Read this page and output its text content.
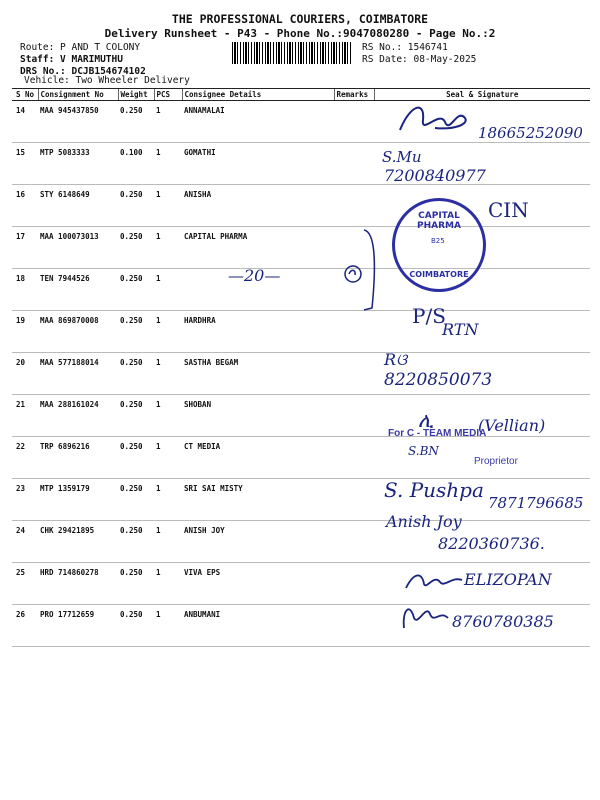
THE PROFESSIONAL COURIERS, COIMBATORE
Delivery Runsheet - P43 - Phone No.:9047080280 - Page No.:2
Route: P AND T COLONY
Staff: V MARIMUTHU
DRS No.: DCJB154674102
Vehicle: Two Wheeler Delivery
RS No.: 1546741
RS Date: 08-May-2025
S No	Consignment No	Weight	PCS	Consignee Details	Remarks	Seal & Signature
14	MAA 945437850	0.250	1	ANNAMALAI		
15	MTP 5083333	0.100	1	GOMATHI		
16	STY 6148649	0.250	1	ANISHA		
17	MAA 100073013	0.250	1	CAPITAL PHARMA		
18	TEN 7944526	0.250	1			
19	MAA 869870008	0.250	1	HARDHRA		
20	MAA 577188014	0.250	1	SASTHA BEGAM		
21	MAA 288161024	0.250	1	SHOBAN		
22	TRP 6896216	0.250	1	CT MEDIA		
23	MTP 1359179	0.250	1	SRI SAI MISTY		
24	CHK 29421895	0.250	1	ANISH JOY		
25	HRD 714860278	0.250	1	VIVA EPS		
26	PRO 17712659	0.250	1	ANBUMANI		
18665252090
S.Mu
7200840977
CIN
CAPITAL PHARMA
B25
COIMBATORE
—20—
P/S
RTN
Rଓ
8220850073
ሊ
For C - TEAM MEDIA
(Vellian)
S.BN
Proprietor
S. Pushpa
7871796685
Anish Joy
8220360736.
ELIZOPAN
8760780385
